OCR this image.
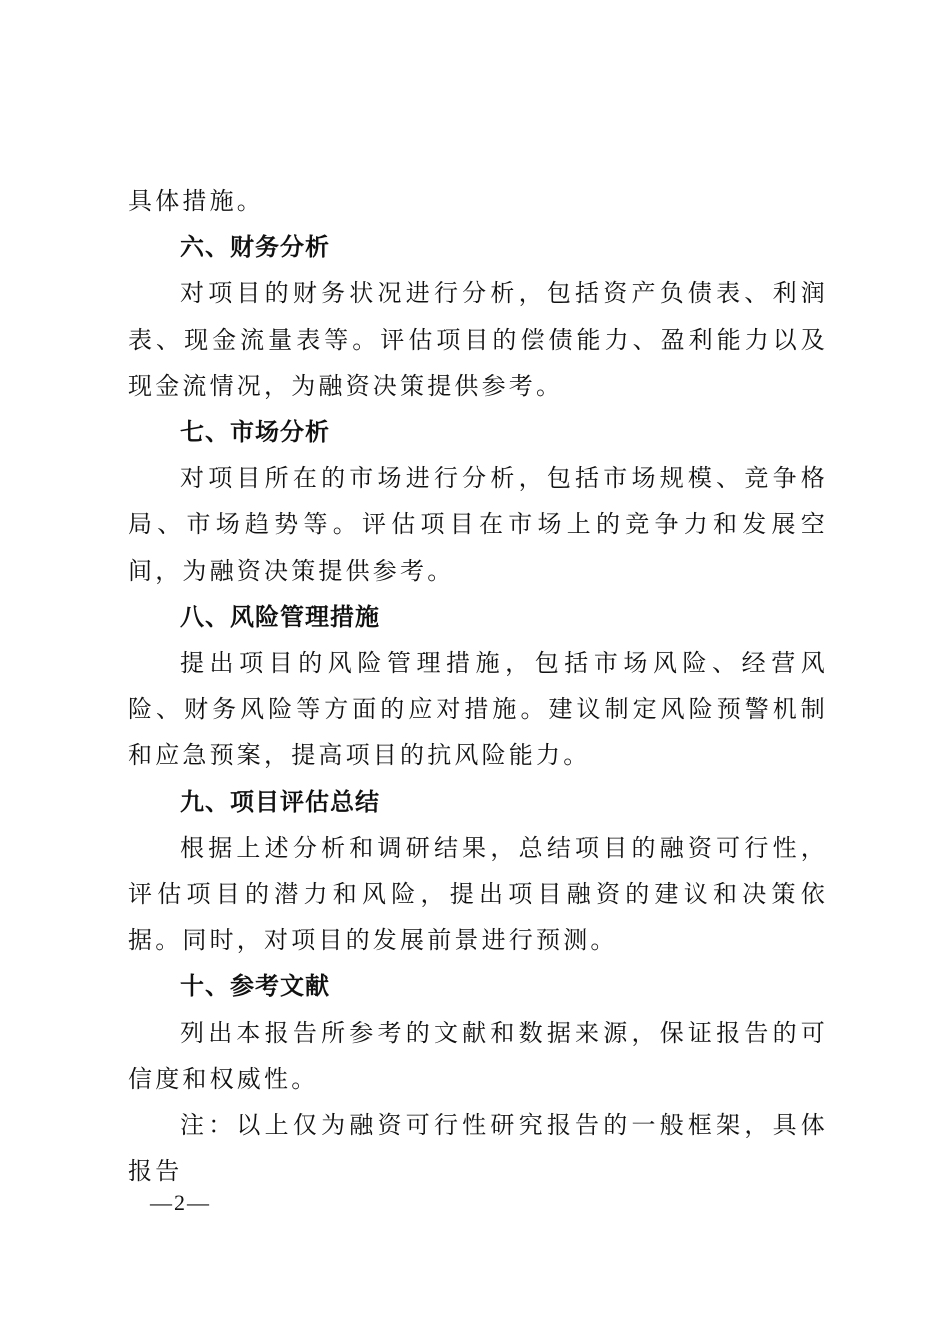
具体措施。

六、财务分析

对项目的财务状况进行分析，包括资产负债表、利润表、现金流量表等。评估项目的偿债能力、盈利能力以及现金流情况，为融资决策提供参考。

七、市场分析

对项目所在的市场进行分析，包括市场规模、竞争格局、市场趋势等。评估项目在市场上的竞争力和发展空间，为融资决策提供参考。

八、风险管理措施

提出项目的风险管理措施，包括市场风险、经营风险、财务风险等方面的应对措施。建议制定风险预警机制和应急预案，提高项目的抗风险能力。

九、项目评估总结

根据上述分析和调研结果，总结项目的融资可行性，评估项目的潜力和风险，提出项目融资的建议和决策依据。同时，对项目的发展前景进行预测。

十、参考文献

列出本报告所参考的文献和数据来源，保证报告的可信度和权威性。

注：以上仅为融资可行性研究报告的一般框架，具体报告

—2—
